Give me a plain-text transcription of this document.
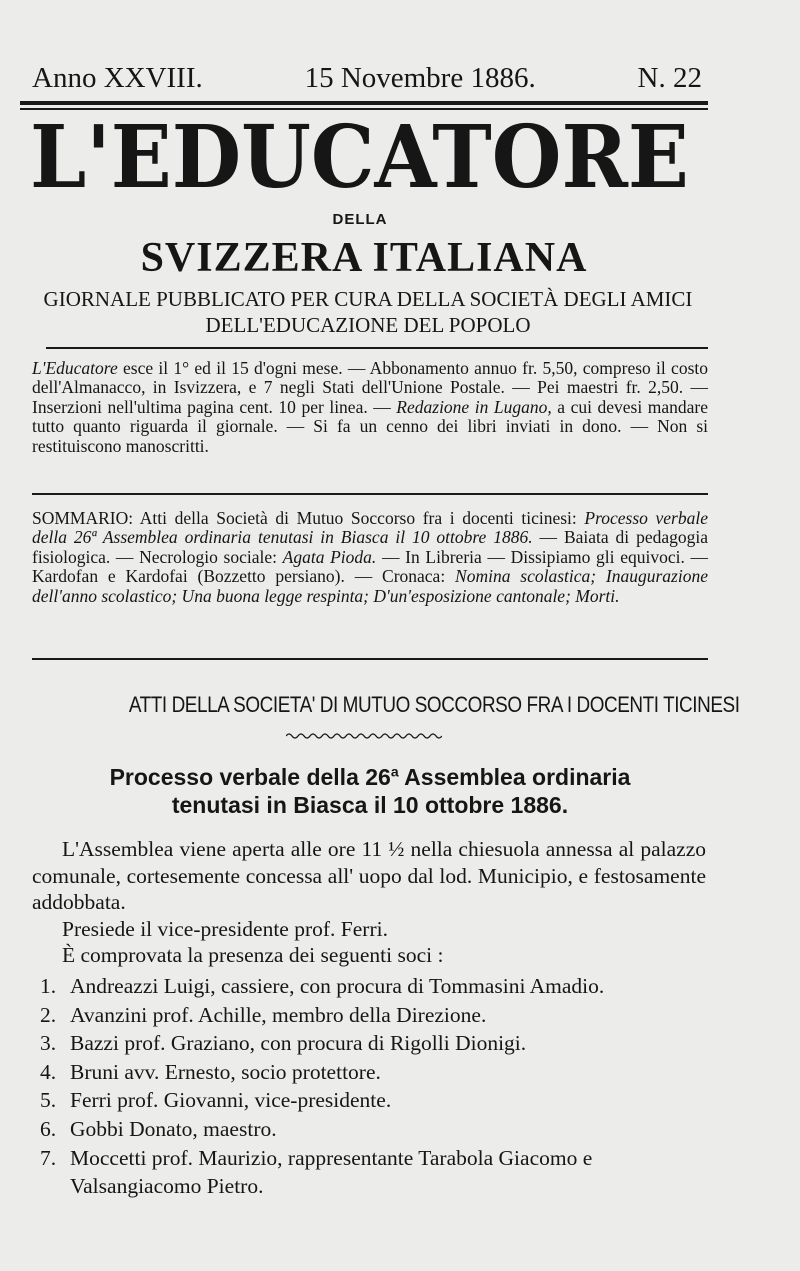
Anno XXVIII.	15 Novembre 1886.	N. 22
L'EDUCATORE
DELLA
SVIZZERA ITALIANA
GIORNALE PUBBLICATO PER CURA DELLA SOCIETÀ DEGLI AMICI
DELL'EDUCAZIONE DEL POPOLO

L'Educatore esce il 1° ed il 15 d'ogni mese. — Abbonamento annuo fr. 5,50, compreso il costo dell'Almanacco, in Isvizzera, e 7 negli Stati dell'Unione Postale. — Pei maestri fr. 2,50. — Inserzioni nell'ultima pagina cent. 10 per linea. — Redazione in Lugano, a cui devesi mandare tutto quanto riguarda il giornale. — Si fa un cenno dei libri inviati in dono. — Non si restituiscono manoscritti.

SOMMARIO: Atti della Società di Mutuo Soccorso fra i docenti ticinesi: Processo verbale della 26ª Assemblea ordinaria tenutasi in Biasca il 10 ottobre 1886. — Baiata di pedagogia fisiologica. — Necrologio sociale: Agata Pioda. — In Libreria — Dissipiamo gli equivoci. — Kardofan e Kardofai (Bozzetto persiano). — Cronaca: Nomina scolastica; Inaugurazione dell'anno scolastico; Una buona legge respinta; D'un'esposizione cantonale; Morti.

ATTI DELLA SOCIETA' DI MUTUO SOCCORSO FRA I DOCENTI TICINESI
Processo verbale della 26$^a$ Assemblea ordinaria
tenutasi in Biasca il 10 ottobre 1886.

L'Assemblea viene aperta alle ore 11 ½ nella chiesuola annessa al palazzo comunale, cortesemente concessa all' uopo dal lod. Municipio, e festosamente addobbata.

Presiede il vice-presidente prof. Ferri.

È comprovata la presenza dei seguenti soci :

1. Andreazzi Luigi, cassiere, con procura di Tommasini Amadio.
2. Avanzini prof. Achille, membro della Direzione.
3. Bazzi prof. Graziano, con procura di Rigolli Dionigi.
4. Bruni avv. Ernesto, socio protettore.
5. Ferri prof. Giovanni, vice-presidente.
6. Gobbi Donato, maestro.
7. Moccetti prof. Maurizio, rappresentante Tarabola Giacomo e Valsangiacomo Pietro.
